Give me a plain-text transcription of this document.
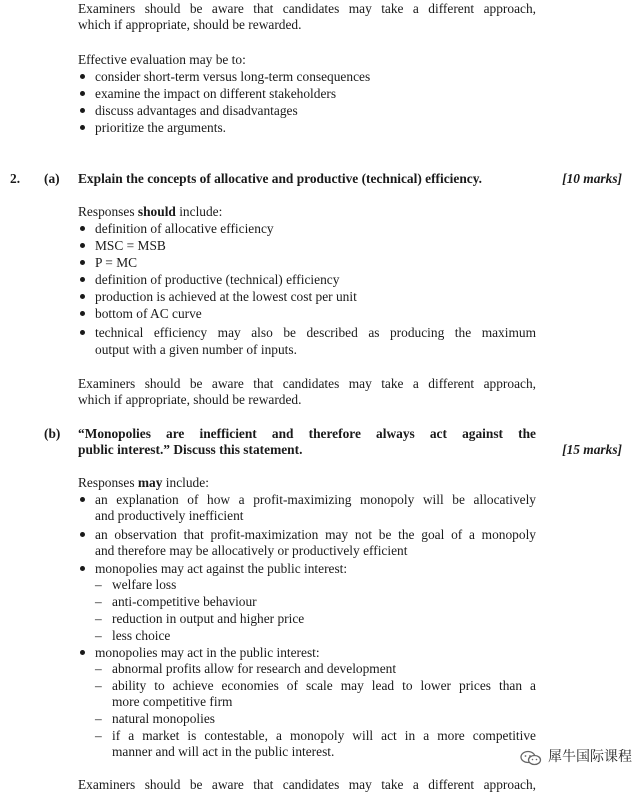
Examiners should be aware that candidates may take a different approach,
which if appropriate, should be rewarded.
Effective evaluation may be to:
consider short-term versus long-term consequences
examine the impact on different stakeholders
discuss advantages and disadvantages
prioritize the arguments.
2. (a) Explain the concepts of allocative and productive (technical) efficiency.	[10 marks]
Responses should include:
definition of allocative efficiency
MSC = MSB
P = MC
definition of productive (technical) efficiency
production is achieved at the lowest cost per unit
bottom of AC curve
technical efficiency may also be described as producing the maximum
output with a given number of inputs.
Examiners should be aware that candidates may take a different approach,
which if appropriate, should be rewarded.
(b) “Monopolies are inefficient and therefore always act against the
public interest.” Discuss this statement.	[15 marks]
Responses may include:
an explanation of how a profit-maximizing monopoly will be allocatively
and productively inefficient
an observation that profit-maximization may not be the goal of a monopoly
and therefore may be allocatively or productively efficient
monopolies may act against the public interest:
– welfare loss
– anti-competitive behaviour
– reduction in output and higher price
– less choice
monopolies may act in the public interest:
– abnormal profits allow for research and development
– ability to achieve economies of scale may lead to lower prices than a
more competitive firm
– natural monopolies
– if a market is contestable, a monopoly will act in a more competitive
manner and will act in the public interest.
Examiners should be aware that candidates may take a different approach,
犀牛国际课程
